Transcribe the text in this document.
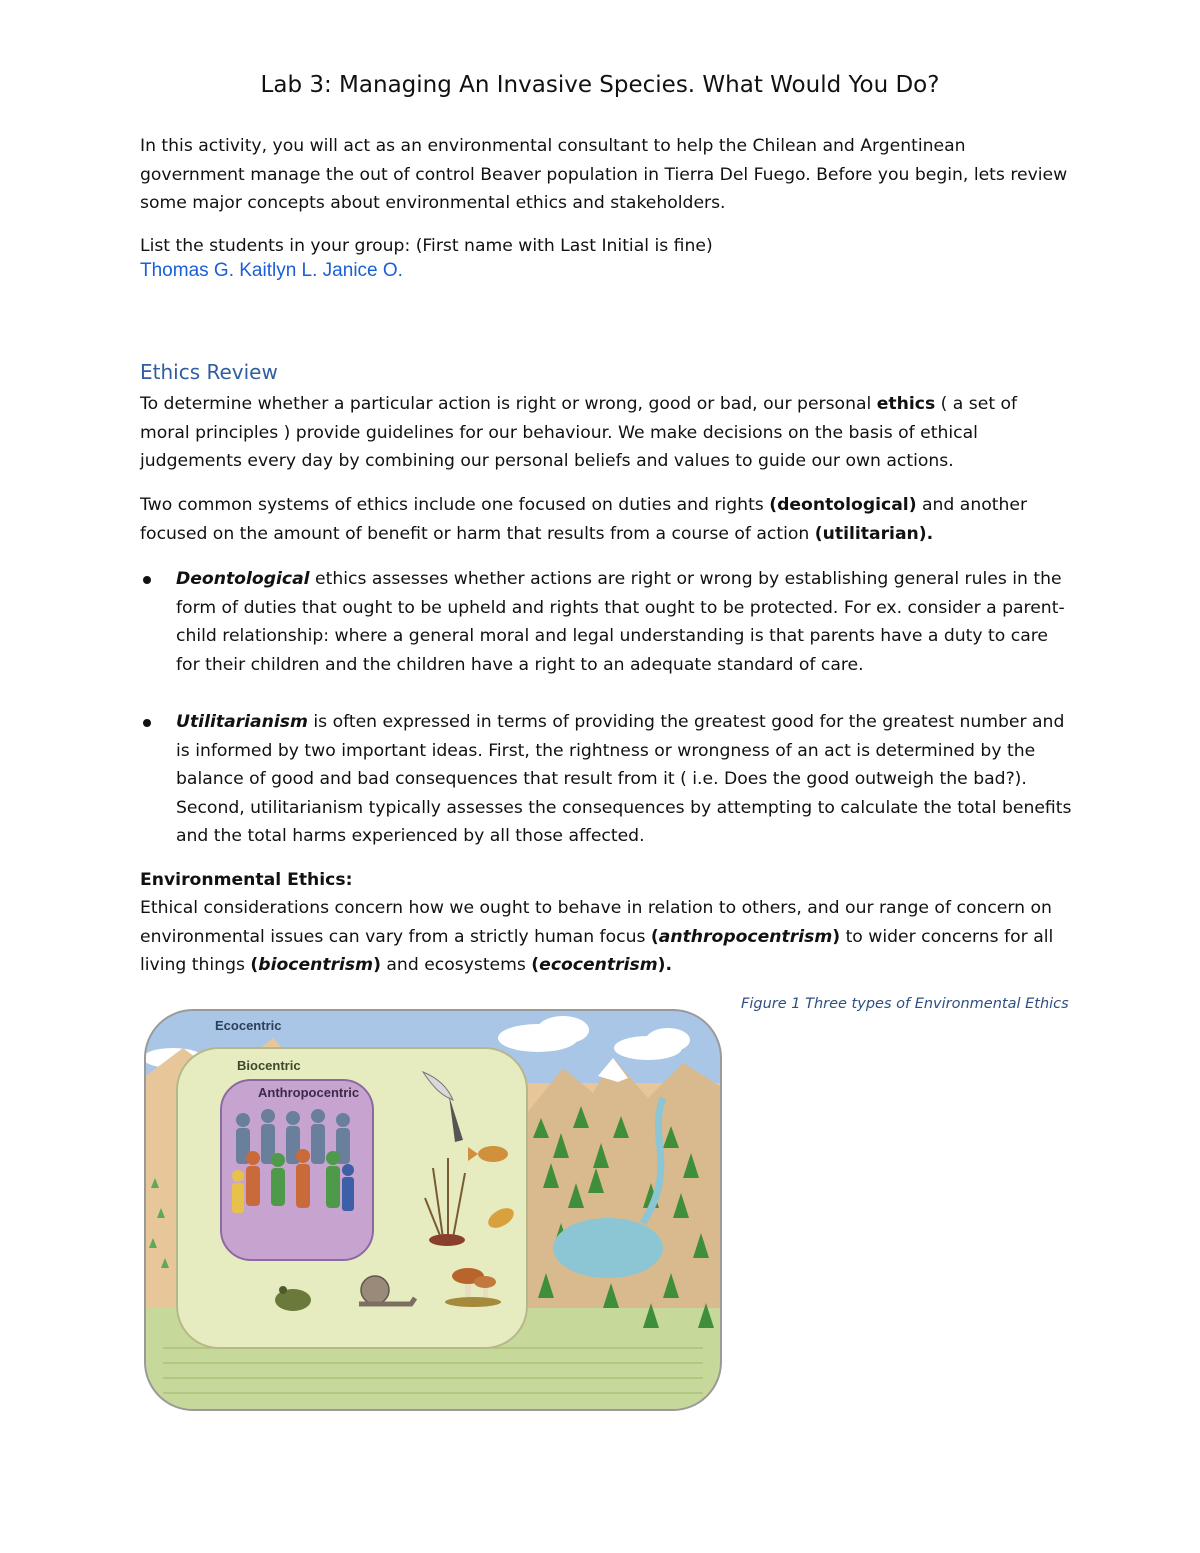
Lab 3: Managing An Invasive Species. What Would You Do?

In this activity, you will act as an environmental consultant to help the Chilean and Argentinean government manage the out of control Beaver population in Tierra Del Fuego. Before you begin, lets review some major concepts about environmental ethics and stakeholders.

List the students in your group: (First name with Last Initial is fine)

Thomas G. Kaitlyn L. Janice O.
Ethics Review

To determine whether a particular action is right or wrong, good or bad, our personal ethics ( a set of moral principles ) provide guidelines for our behaviour. We make decisions on the basis of ethical judgements every day by combining our personal beliefs and values to guide our own actions.

Two common systems of ethics include one focused on duties and rights (deontological) and another focused on the amount of benefit or harm that results from a course of action (utilitarian).

Deontological ethics assesses whether actions are right or wrong by establishing general rules in the form of duties that ought to be upheld and rights that ought to be protected. For ex. consider a parent-child relationship: where a general moral and legal understanding is that parents have a duty to care for their children and the children have a right to an adequate standard of care.

Utilitarianism is often expressed in terms of providing the greatest good for the greatest number and is informed by two important ideas. First, the rightness or wrongness of an act is determined by the balance of good and bad consequences that result from it ( i.e. Does the good outweigh the bad?). Second, utilitarianism typically assesses the consequences by attempting to calculate the total benefits and the total harms experienced by all those affected.

Environmental Ethics:

Ethical considerations concern how we ought to behave in relation to others, and our range of concern on environmental issues can vary from a strictly human focus (anthropocentrism) to wider concerns for all living things (biocentrism) and ecosystems (ecocentrism).

Figure 1 Three types of Environmental Ethics
Ecocentric
Biocentric
Anthropocentric
